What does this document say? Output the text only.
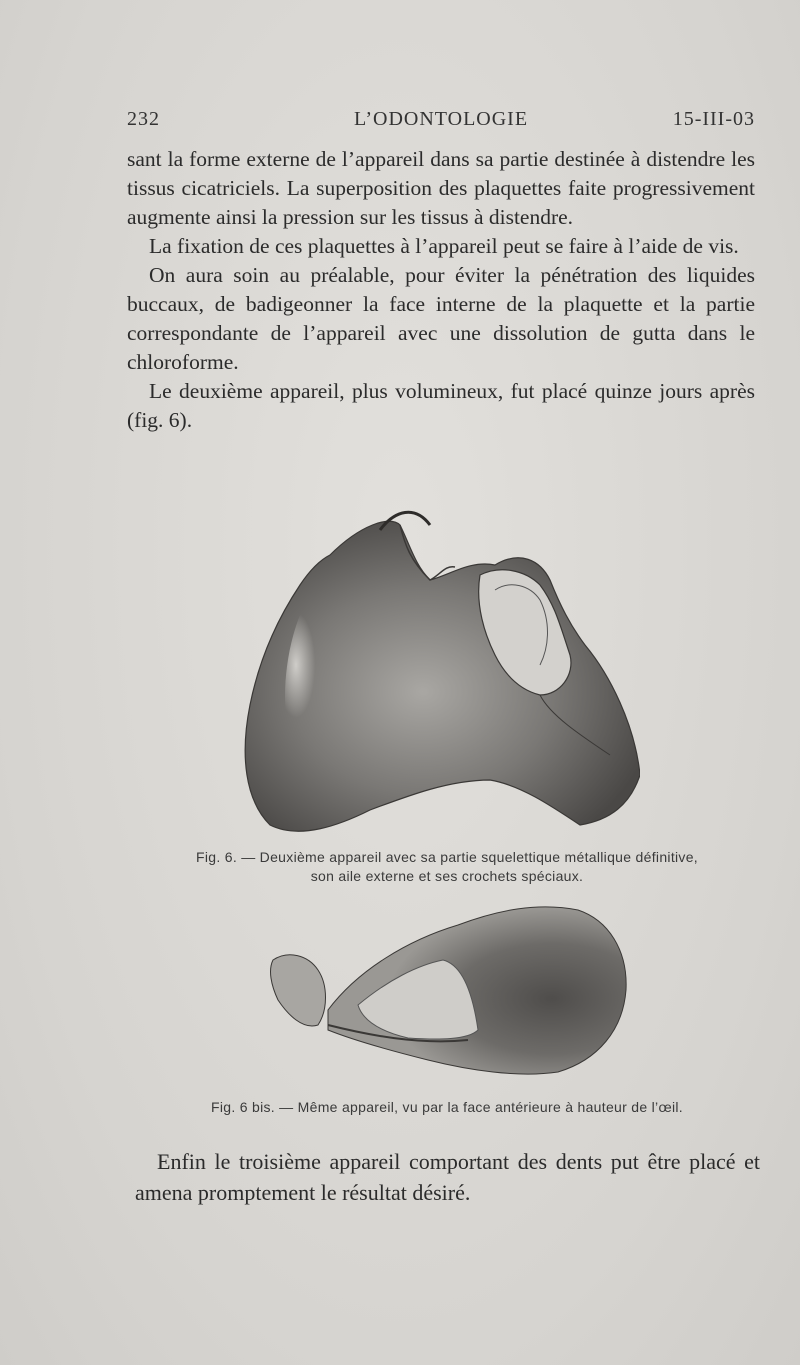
232	L’ODONTOLOGIE	15-III-03

sant la forme externe de l’appareil dans sa partie destinée à distendre les tissus cicatriciels. La superposition des plaquettes faite progressivement augmente ainsi la pression sur les tissus à distendre.

La fixation de ces plaquettes à l’appareil peut se faire à l’aide de vis.

On aura soin au préalable, pour éviter la pénétration des liquides buccaux, de badigeonner la face interne de la plaquette et la partie correspondante de l’appareil avec une dissolution de gutta dans le chloroforme.

Le deuxième appareil, plus volumineux, fut placé quinze jours après (fig. 6).

Fig. 6. — Deuxième appareil avec sa partie squelettique métallique définitive,
son aile externe et ses crochets spéciaux.
Fig. 6 bis. — Même appareil, vu par la face antérieure à hauteur de l’œil.

Enfin le troisième appareil comportant des dents put être placé et amena promptement le résultat désiré.
